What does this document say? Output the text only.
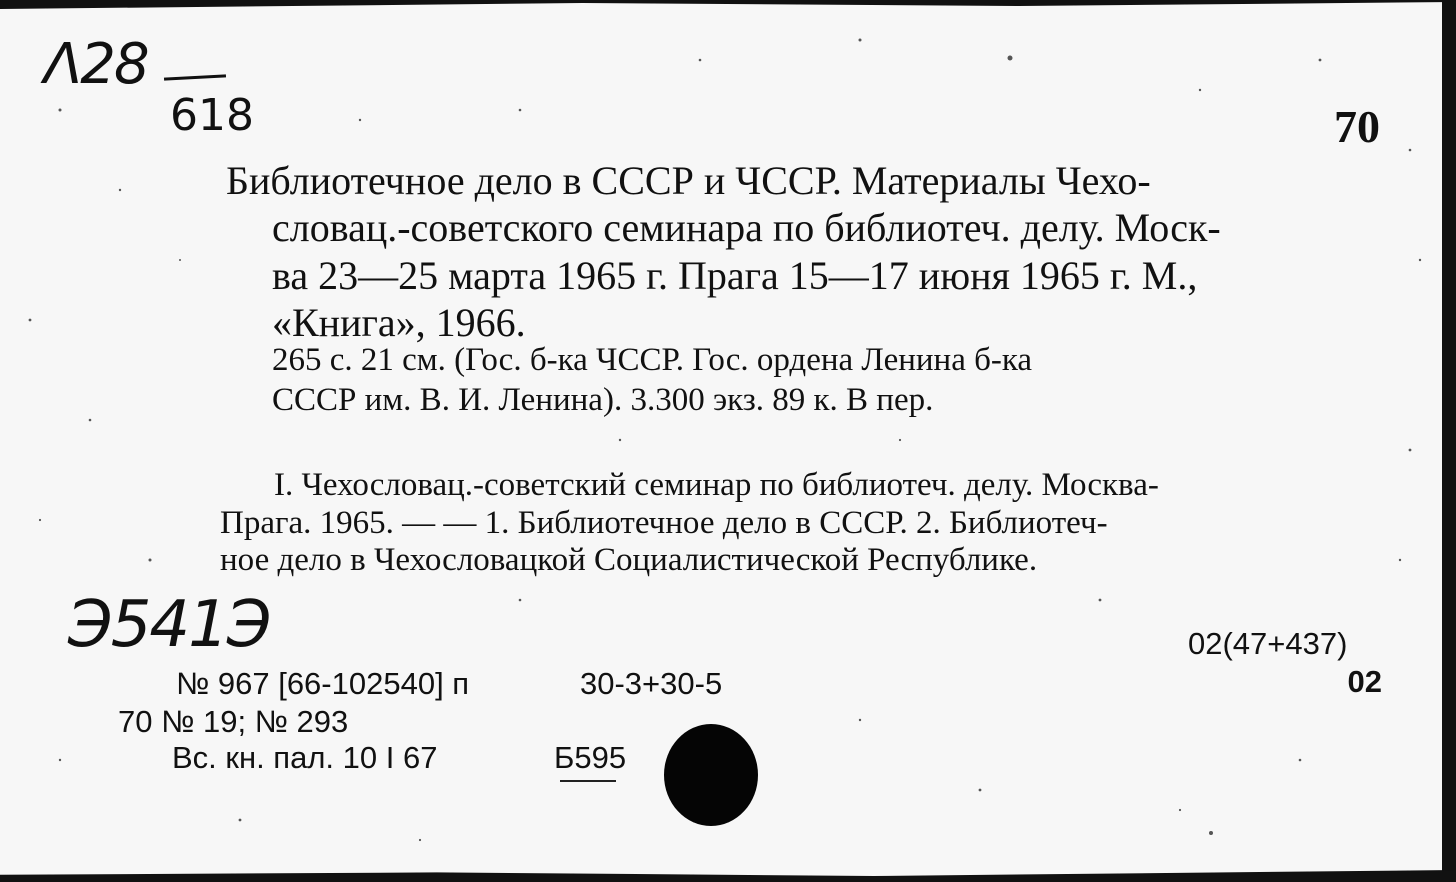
Λ28
618	70
Библиотечное дело в СССР и ЧССР. Материалы Чехо-
словац.-советского семинара по библиотеч. делу. Моск-
ва 23—25 марта 1965 г. Прага 15—17 июня 1965 г. М.,
«Книга», 1966.
265 с. 21 см. (Гос. б-ка ЧССР. Гос. ордена Ленина б-ка
СССР им. В. И. Ленина). 3.300 экз. 89 к. В пер.
I. Чехословац.-советский семинар по библиотеч. делу. Москва-
Прага. 1965. — — 1. Библиотечное дело в СССР. 2. Библиотеч-
ное дело в Чехословацкой Социалистической Республике.
Э541Э
№ 967 [66-102540] п
70 № 19; № 293
Вс. кн. пал. 10 I 67
30-3+30-5
Б595
02(47+437)
02
